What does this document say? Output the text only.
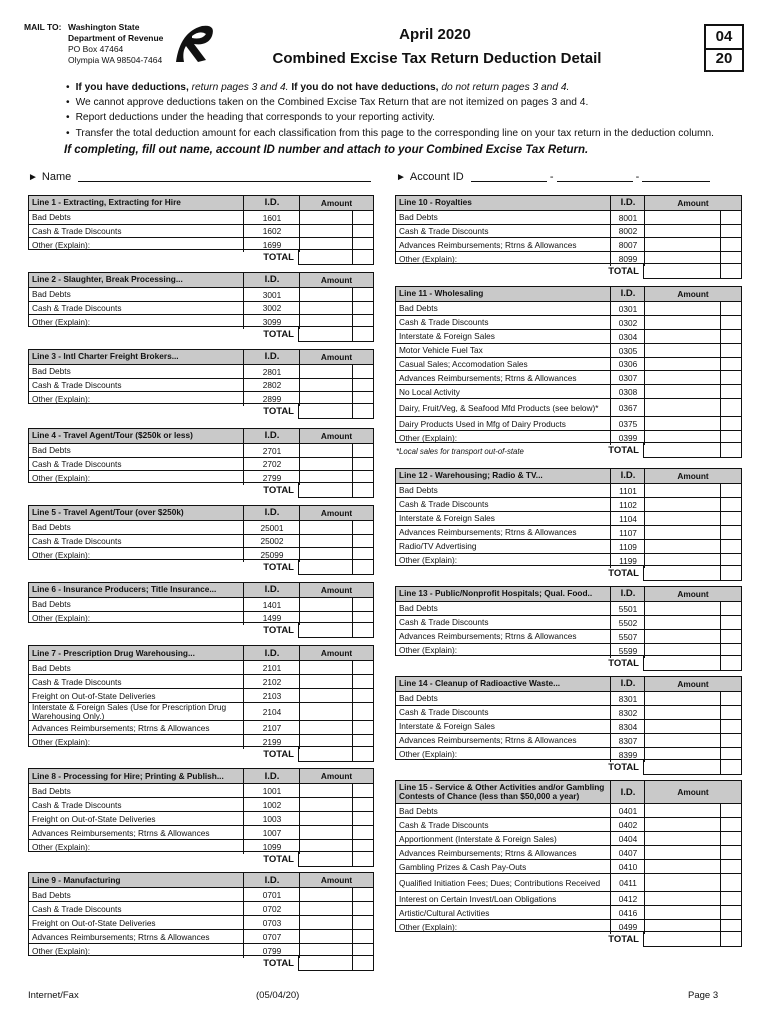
MAIL TO: Washington State
Department of Revenue
PO Box 47464
Olympia WA 98504-7464
April 2020
Combined Excise Tax Return Deduction Detail
04
20
• If you have deductions, return pages 3 and 4. If you do not have deductions, do not return pages 3 and 4.
• We cannot approve deductions taken on the Combined Excise Tax Return that are not itemized on pages 3 and 4.
• Report deductions under the heading that corresponds to your reporting activity.
• Transfer the total deduction amount for each classification from this page to the corresponding line on your tax return in the deduction column.
If completing, fill out name, account ID number and attach to your Combined Excise Tax Return.
► Name	► Account ID	-	-
Line 1 - Extracting, Extracting for Hire	I.D.	Amount
Bad Debts	1601
Cash & Trade Discounts	1602
Other (Explain):	1699
TOTAL
Line 2 - Slaughter, Break Processing...	I.D.	Amount
Bad Debts	3001
Cash & Trade Discounts	3002
Other (Explain):	3099
TOTAL
Line 3 - Intl Charter Freight Brokers...	I.D.	Amount
Bad Debts	2801
Cash & Trade Discounts	2802
Other (Explain):	2899
TOTAL
Line 4 - Travel Agent/Tour ($250k or less)	I.D.	Amount
Bad Debts	2701
Cash & Trade Discounts	2702
Other (Explain):	2799
TOTAL
Line 5 - Travel Agent/Tour (over $250k)	I.D.	Amount
Bad Debts	25001
Cash & Trade Discounts	25002
Other (Explain):	25099
TOTAL
Line 6 - Insurance Producers; Title Insurance...	I.D.	Amount
Bad Debts	1401
Other (Explain):	1499
TOTAL
Line 7 - Prescription Drug Warehousing...	I.D.	Amount
Bad Debts	2101
Cash & Trade Discounts	2102
Freight on Out-of-State Deliveries	2103
Interstate & Foreign Sales (Use for Prescription Drug Warehousing Only.)	2104
Advances Reimbursements; Rtrns & Allowances	2107
Other (Explain):	2199
TOTAL
Line 8 - Processing for Hire; Printing & Publish...	I.D.	Amount
Bad Debts	1001
Cash & Trade Discounts	1002
Freight on Out-of-State Deliveries	1003
Advances Reimbursements; Rtrns & Allowances	1007
Other (Explain):	1099
TOTAL
Line 9 - Manufacturing	I.D.	Amount
Bad Debts	0701
Cash & Trade Discounts	0702
Freight on Out-of-State Deliveries	0703
Advances Reimbursements; Rtrns & Allowances	0707
Other (Explain):	0799
TOTAL
Line 10 - Royalties	I.D.	Amount
Bad Debts	8001
Cash & Trade Discounts	8002
Advances Reimbursements; Rtrns & Allowances	8007
Other (Explain):	8099
TOTAL
Line 11 - Wholesaling	I.D.	Amount
Bad Debts	0301
Cash & Trade Discounts	0302
Interstate & Foreign Sales	0304
Motor Vehicle Fuel Tax	0305
Casual Sales; Accomodation Sales	0306
Advances Reimbursements; Rtrns & Allowances	0307
No Local Activity	0308
Dairy, Fruit/Veg, & Seafood Mfd Products (see below)*	0367
Dairy Products Used in Mfg of Dairy Products	0375
Other (Explain):	0399
TOTAL
*Local sales for transport out-of-state
Line 12 - Warehousing; Radio & TV...	I.D.	Amount
Bad Debts	1101
Cash & Trade Discounts	1102
Interstate & Foreign Sales	1104
Advances Reimbursements; Rtrns & Allowances	1107
Radio/TV Advertising	1109
Other (Explain):	1199
TOTAL
Line 13 - Public/Nonprofit Hospitals; Qual. Food..	I.D.	Amount
Bad Debts	5501
Cash & Trade Discounts	5502
Advances Reimbursements; Rtrns & Allowances	5507
Other (Explain):	5599
TOTAL
Line 14 - Cleanup of Radioactive Waste...	I.D.	Amount
Bad Debts	8301
Cash & Trade Discounts	8302
Interstate & Foreign Sales	8304
Advances Reimbursements; Rtrns & Allowances	8307
Other (Explain):	8399
TOTAL
Line 15 - Service & Other Activities and/or Gambling Contests of Chance (less than $50,000 a year)	I.D.	Amount
Bad Debts	0401
Cash & Trade Discounts	0402
Apportionment (Interstate & Foreign Sales)	0404
Advances Reimbursements; Rtrns & Allowances	0407
Gambling Prizes & Cash Pay-Outs	0410
Qualified Initiation Fees; Dues; Contributions Received	0411
Interest on Certain Invest/Loan Obligations	0412
Artistic/Cultural Activities	0416
Other (Explain):	0499
TOTAL
Internet/Fax	(05/04/20)	Page 3
